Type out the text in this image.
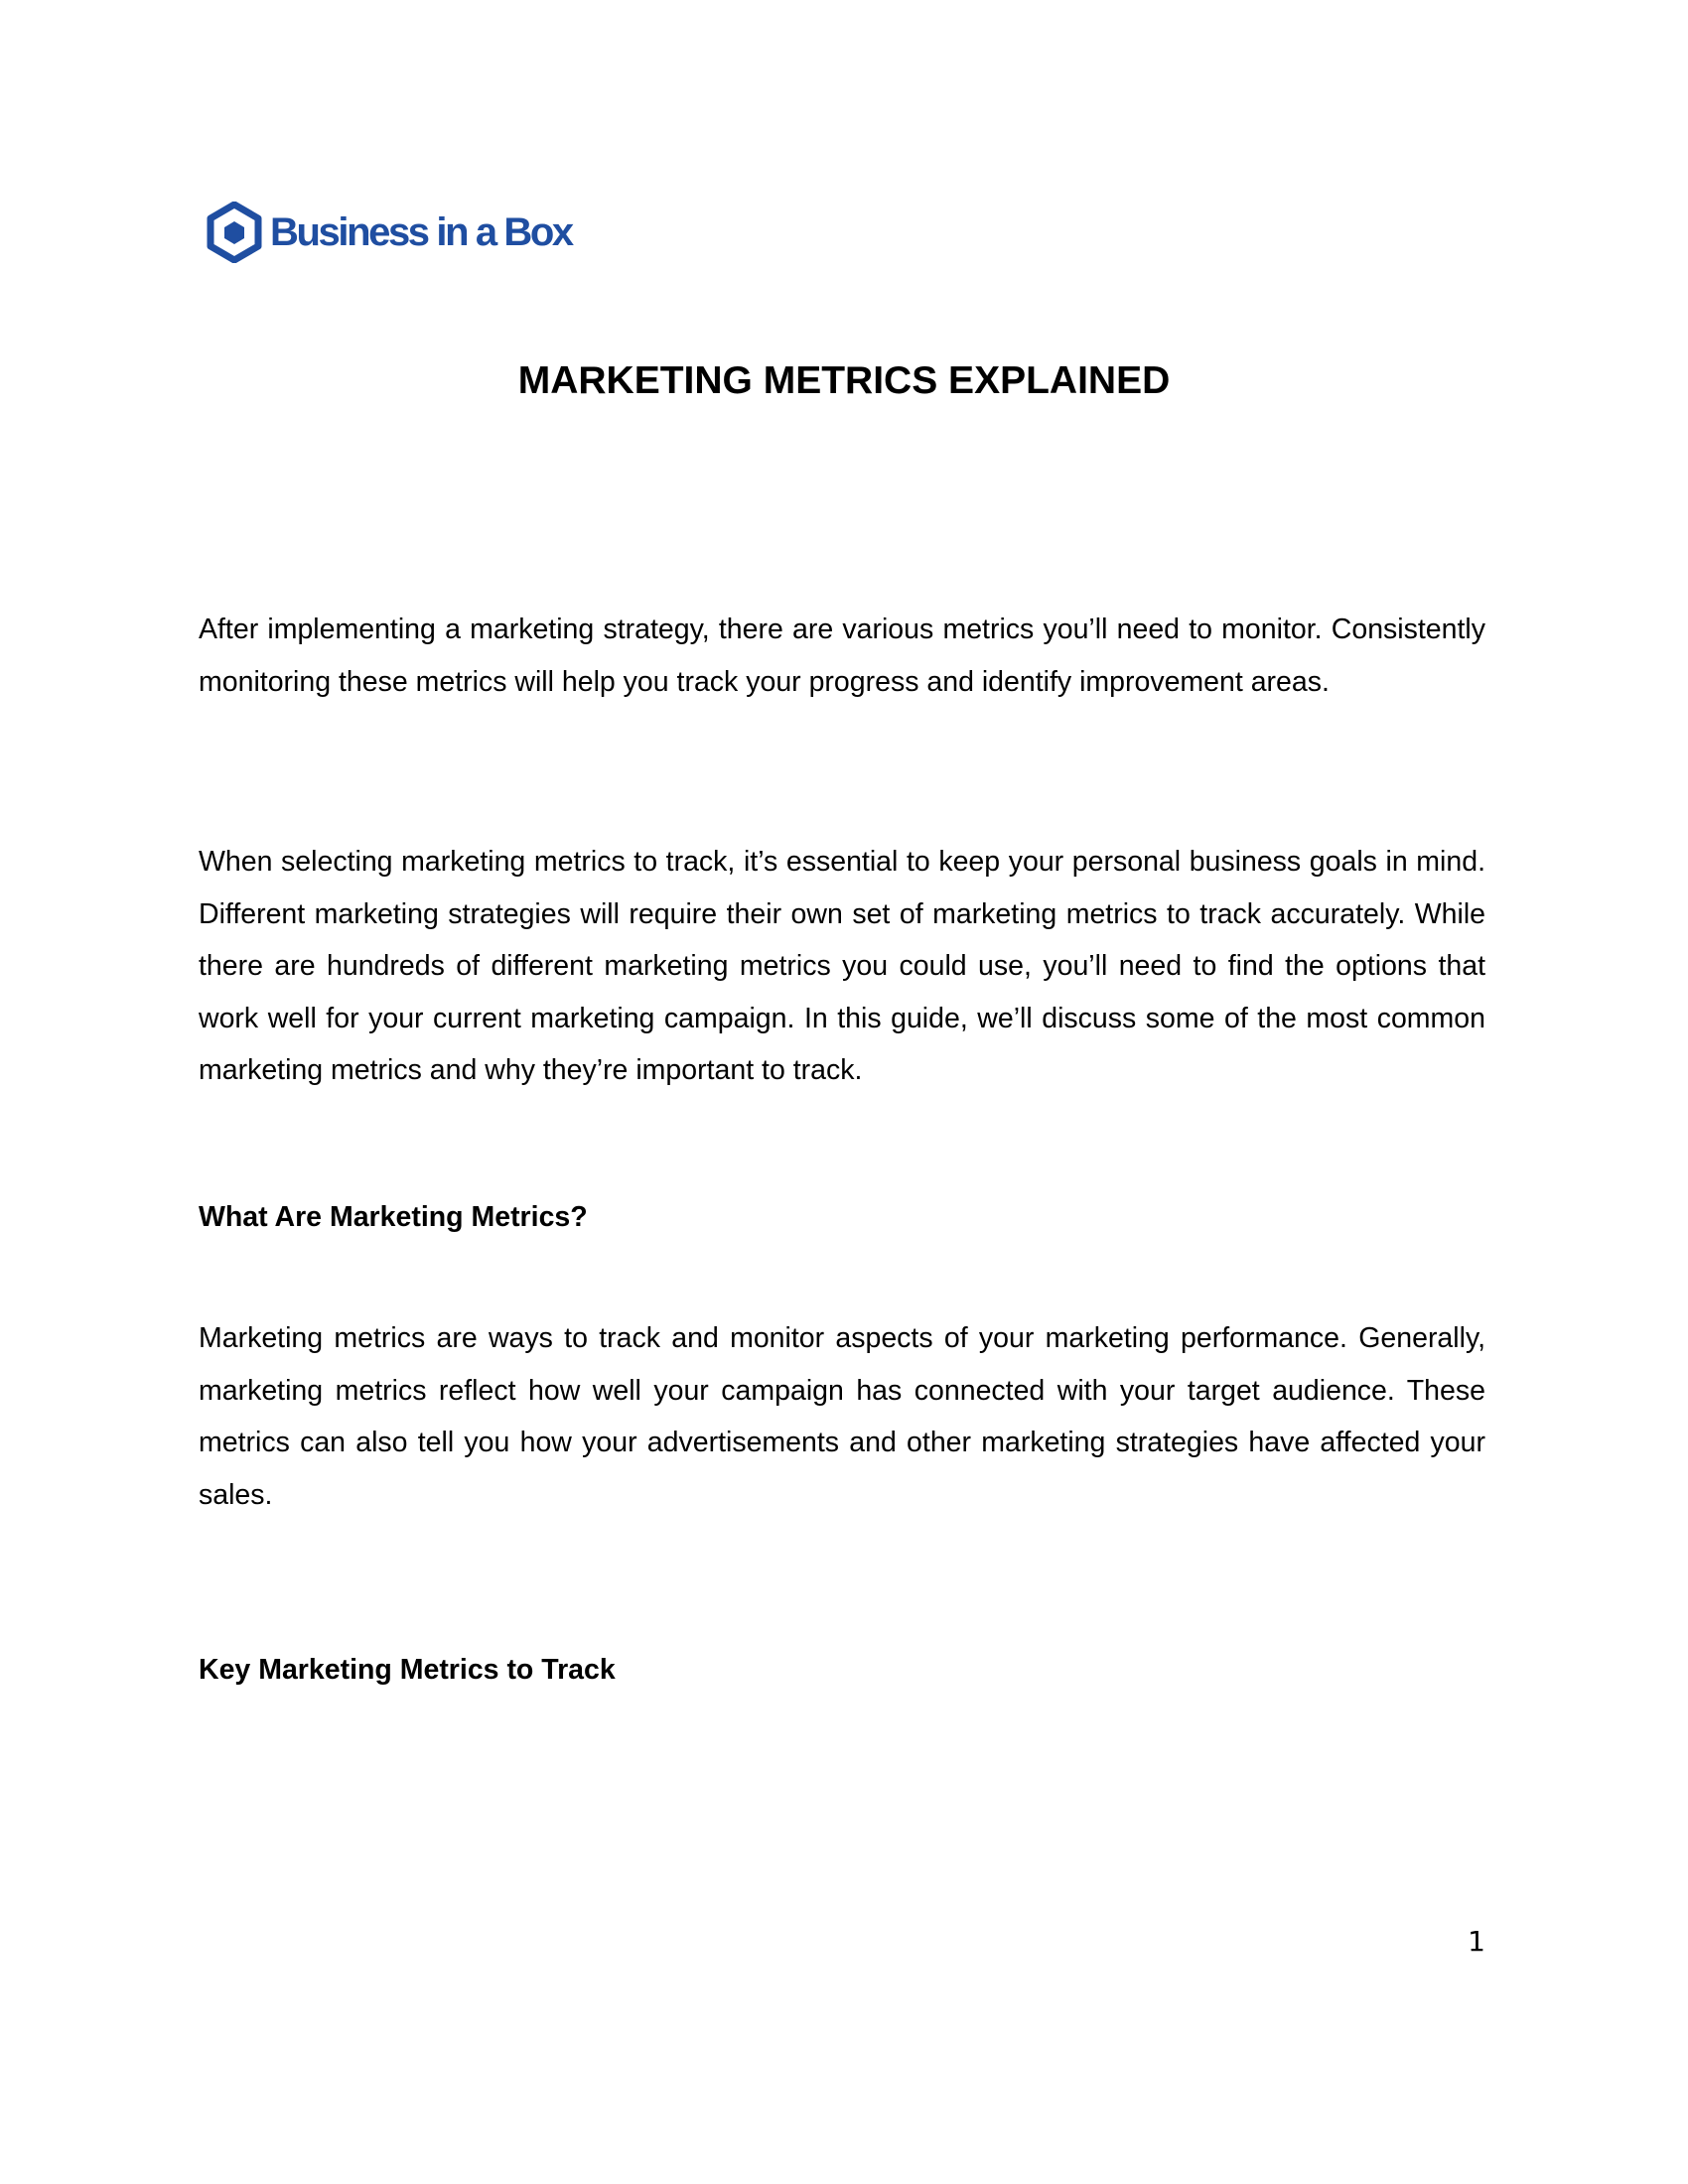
Business in a Box
MARKETING METRICS EXPLAINED

After implementing a marketing strategy, there are various metrics you’ll need to monitor. Consistently monitoring these metrics will help you track your progress and identify improvement areas.

When selecting marketing metrics to track, it’s essential to keep your personal business goals in mind. Different marketing strategies will require their own set of marketing metrics to track accurately. While there are hundreds of different marketing metrics you could use, you’ll need to find the options that work well for your current marketing campaign. In this guide, we’ll discuss some of the most common marketing metrics and why they’re important to track.

What Are Marketing Metrics?

Marketing metrics are ways to track and monitor aspects of your marketing performance. Generally, marketing metrics reflect how well your campaign has connected with your target audience. These metrics can also tell you how your advertisements and other marketing strategies have affected your sales.

Key Marketing Metrics to Track
1
